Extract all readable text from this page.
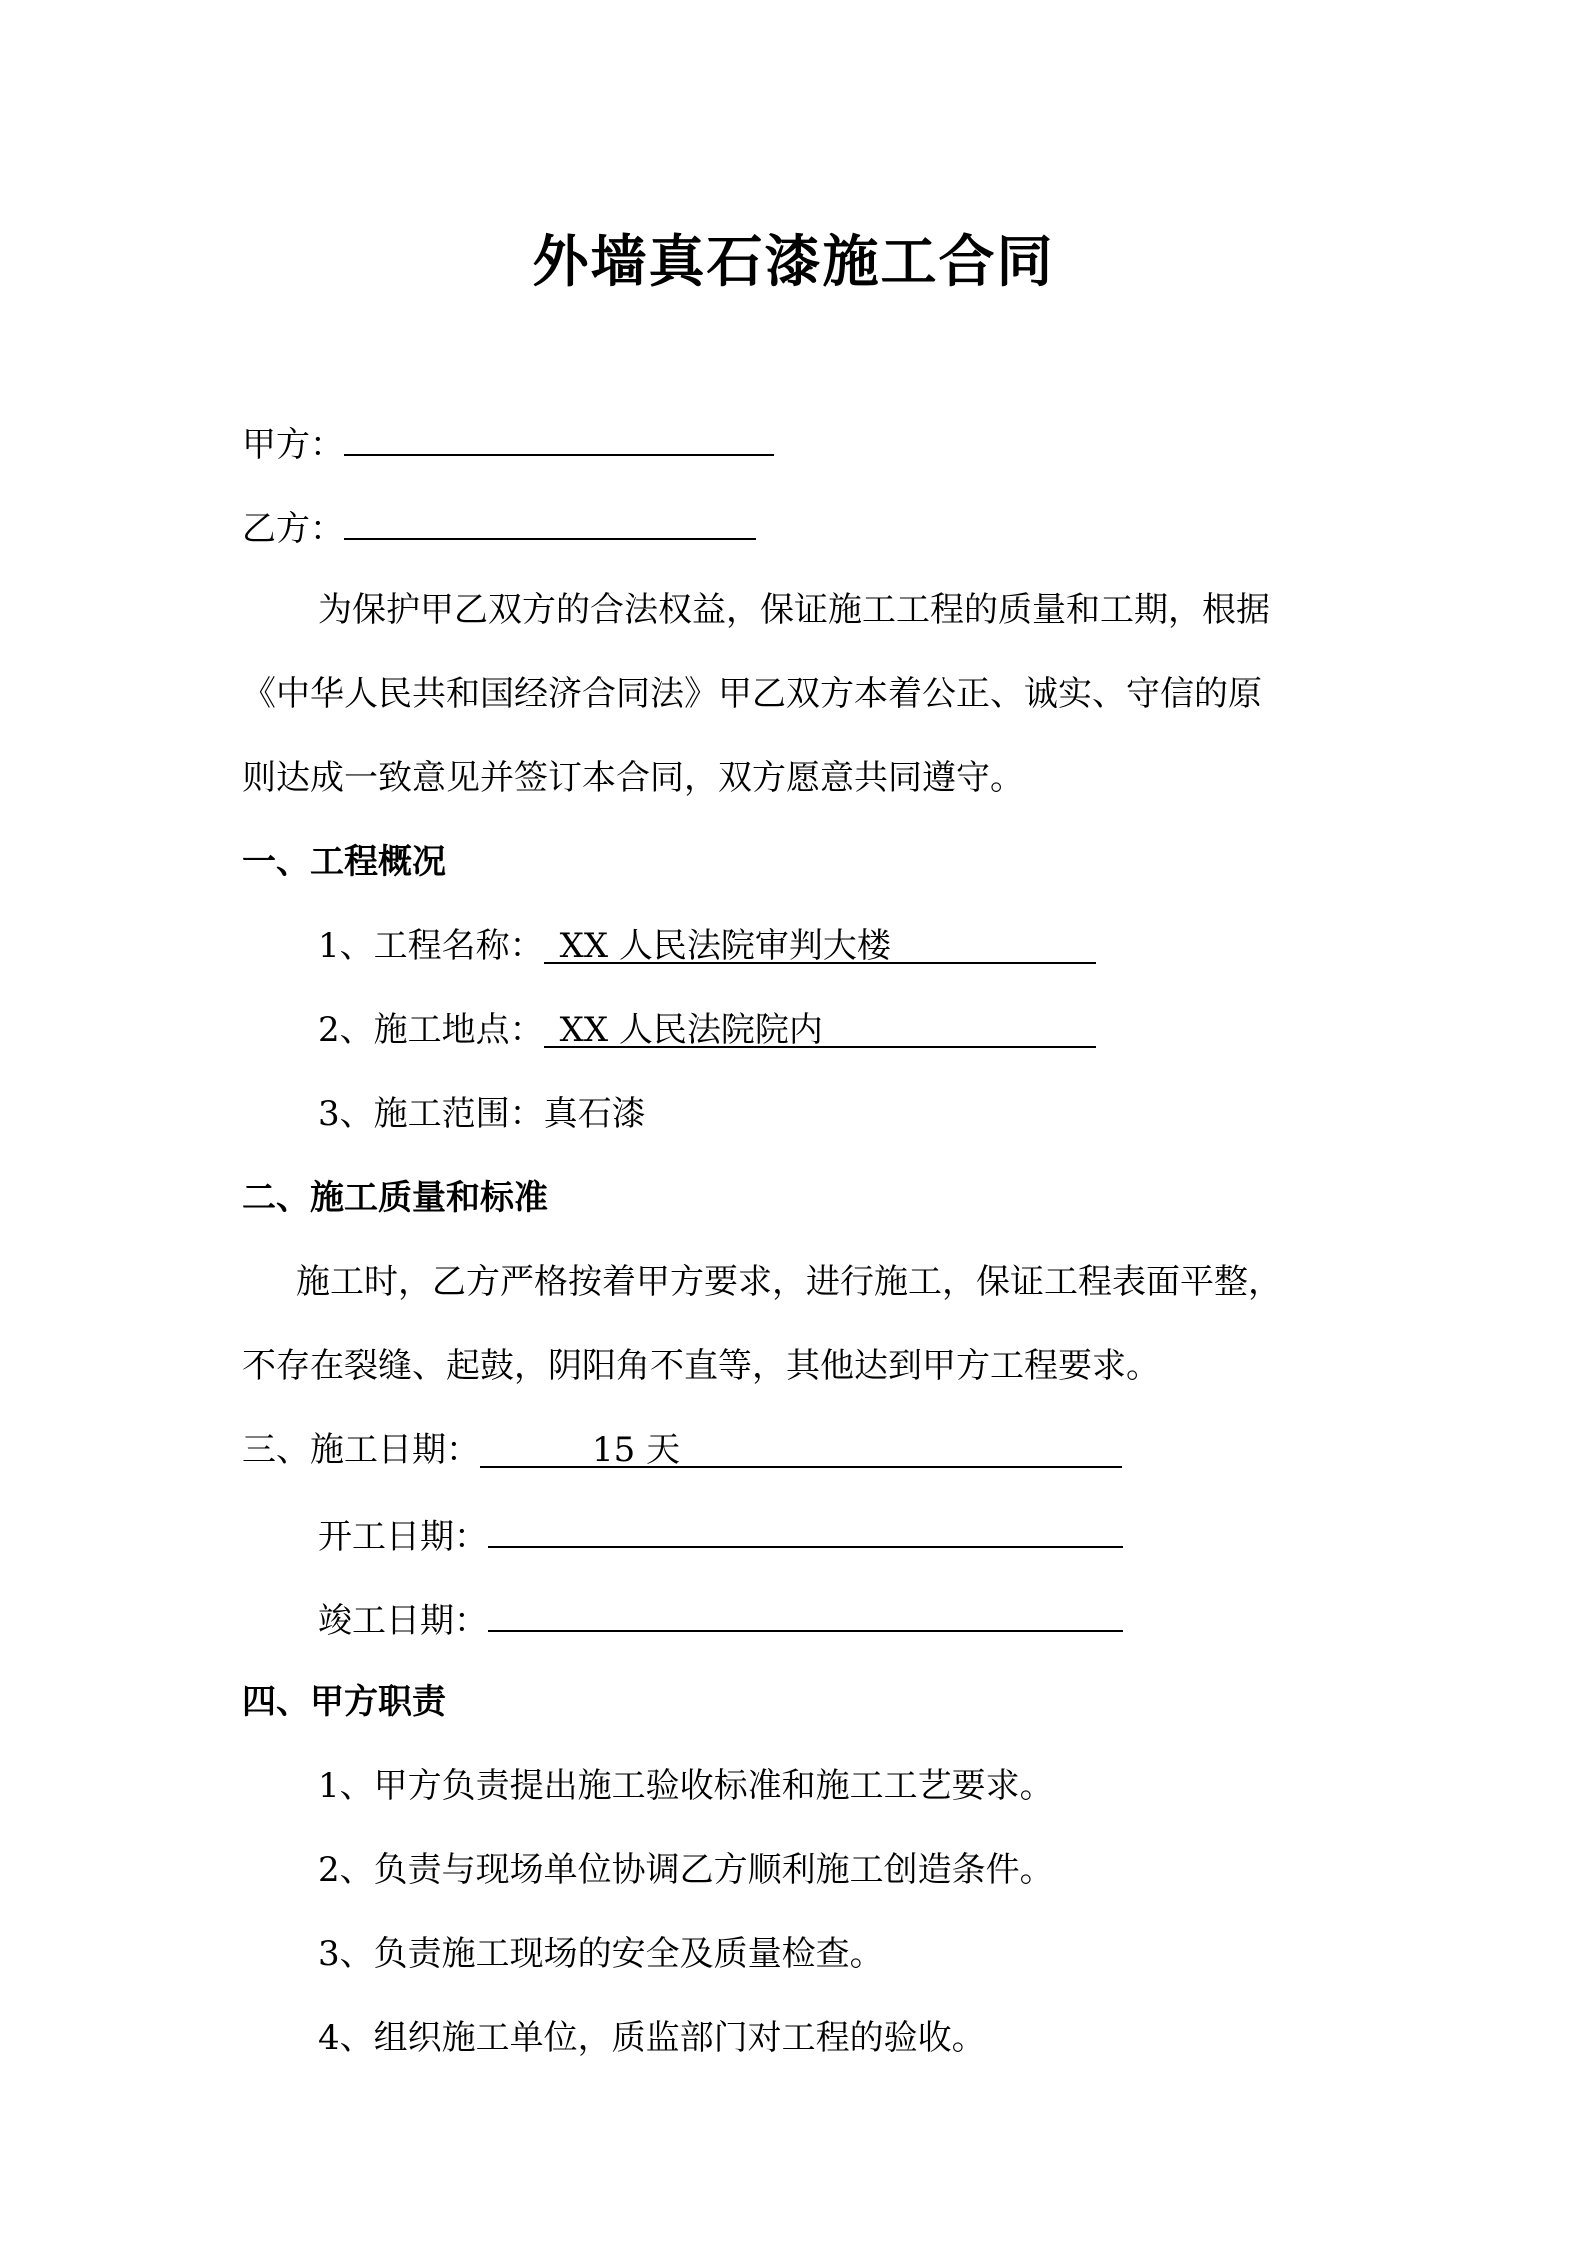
外墙真石漆施工合同
甲方：
乙方：
为保护甲乙双方的合法权益，保证施工工程的质量和工期，根据
《中华人民共和国经济合同法》甲乙双方本着公正、诚实、守信的原
则达成一致意见并签订本合同，双方愿意共同遵守。
一、工程概况
1、工程名称： XX 人民法院审判大楼
2、施工地点： XX 人民法院院内
3、施工范围：真石漆
二、施工质量和标准
施工时，乙方严格按着甲方要求，进行施工，保证工程表面平整，
不存在裂缝、起鼓，阴阳角不直等，其他达到甲方工程要求。
三、施工日期：	15 天
开工日期：
竣工日期：
四、甲方职责
1、甲方负责提出施工验收标准和施工工艺要求。
2、负责与现场单位协调乙方顺利施工创造条件。
3、负责施工现场的安全及质量检查。
4、组织施工单位，质监部门对工程的验收。
